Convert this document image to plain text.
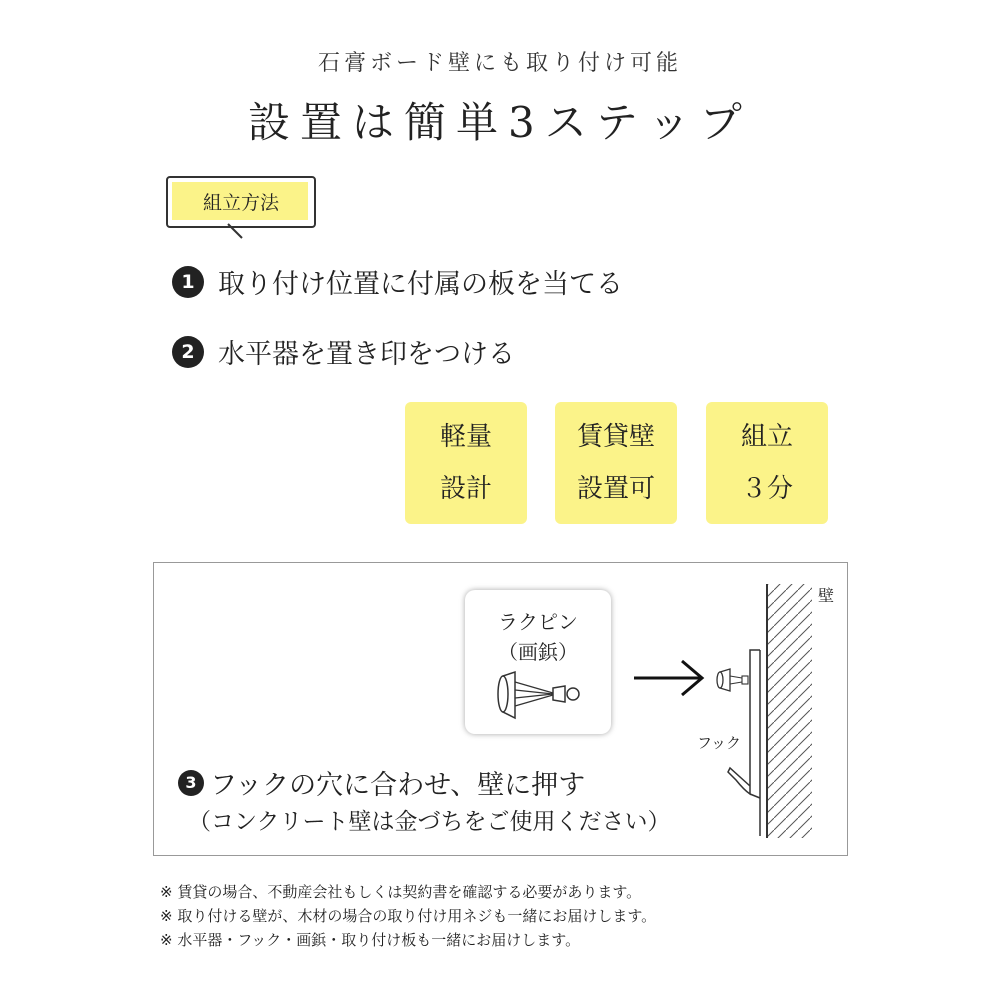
石膏ボード壁にも取り付け可能
設置は簡単3ステップ
組立方法
1 取り付け位置に付属の板を当てる
2 水平器を置き印をつける
軽量
設計
賃貸壁
設置可
組立
３分
ラクピン
（画鋲）
壁
フック
3 フックの穴に合わせ、壁に押す
（コンクリート壁は金づちをご使用ください）
※ 賃貸の場合、不動産会社もしくは契約書を確認する必要があります。
※ 取り付ける壁が、木材の場合の取り付け用ネジも一緒にお届けします。
※ 水平器・フック・画鋲・取り付け板も一緒にお届けします。
